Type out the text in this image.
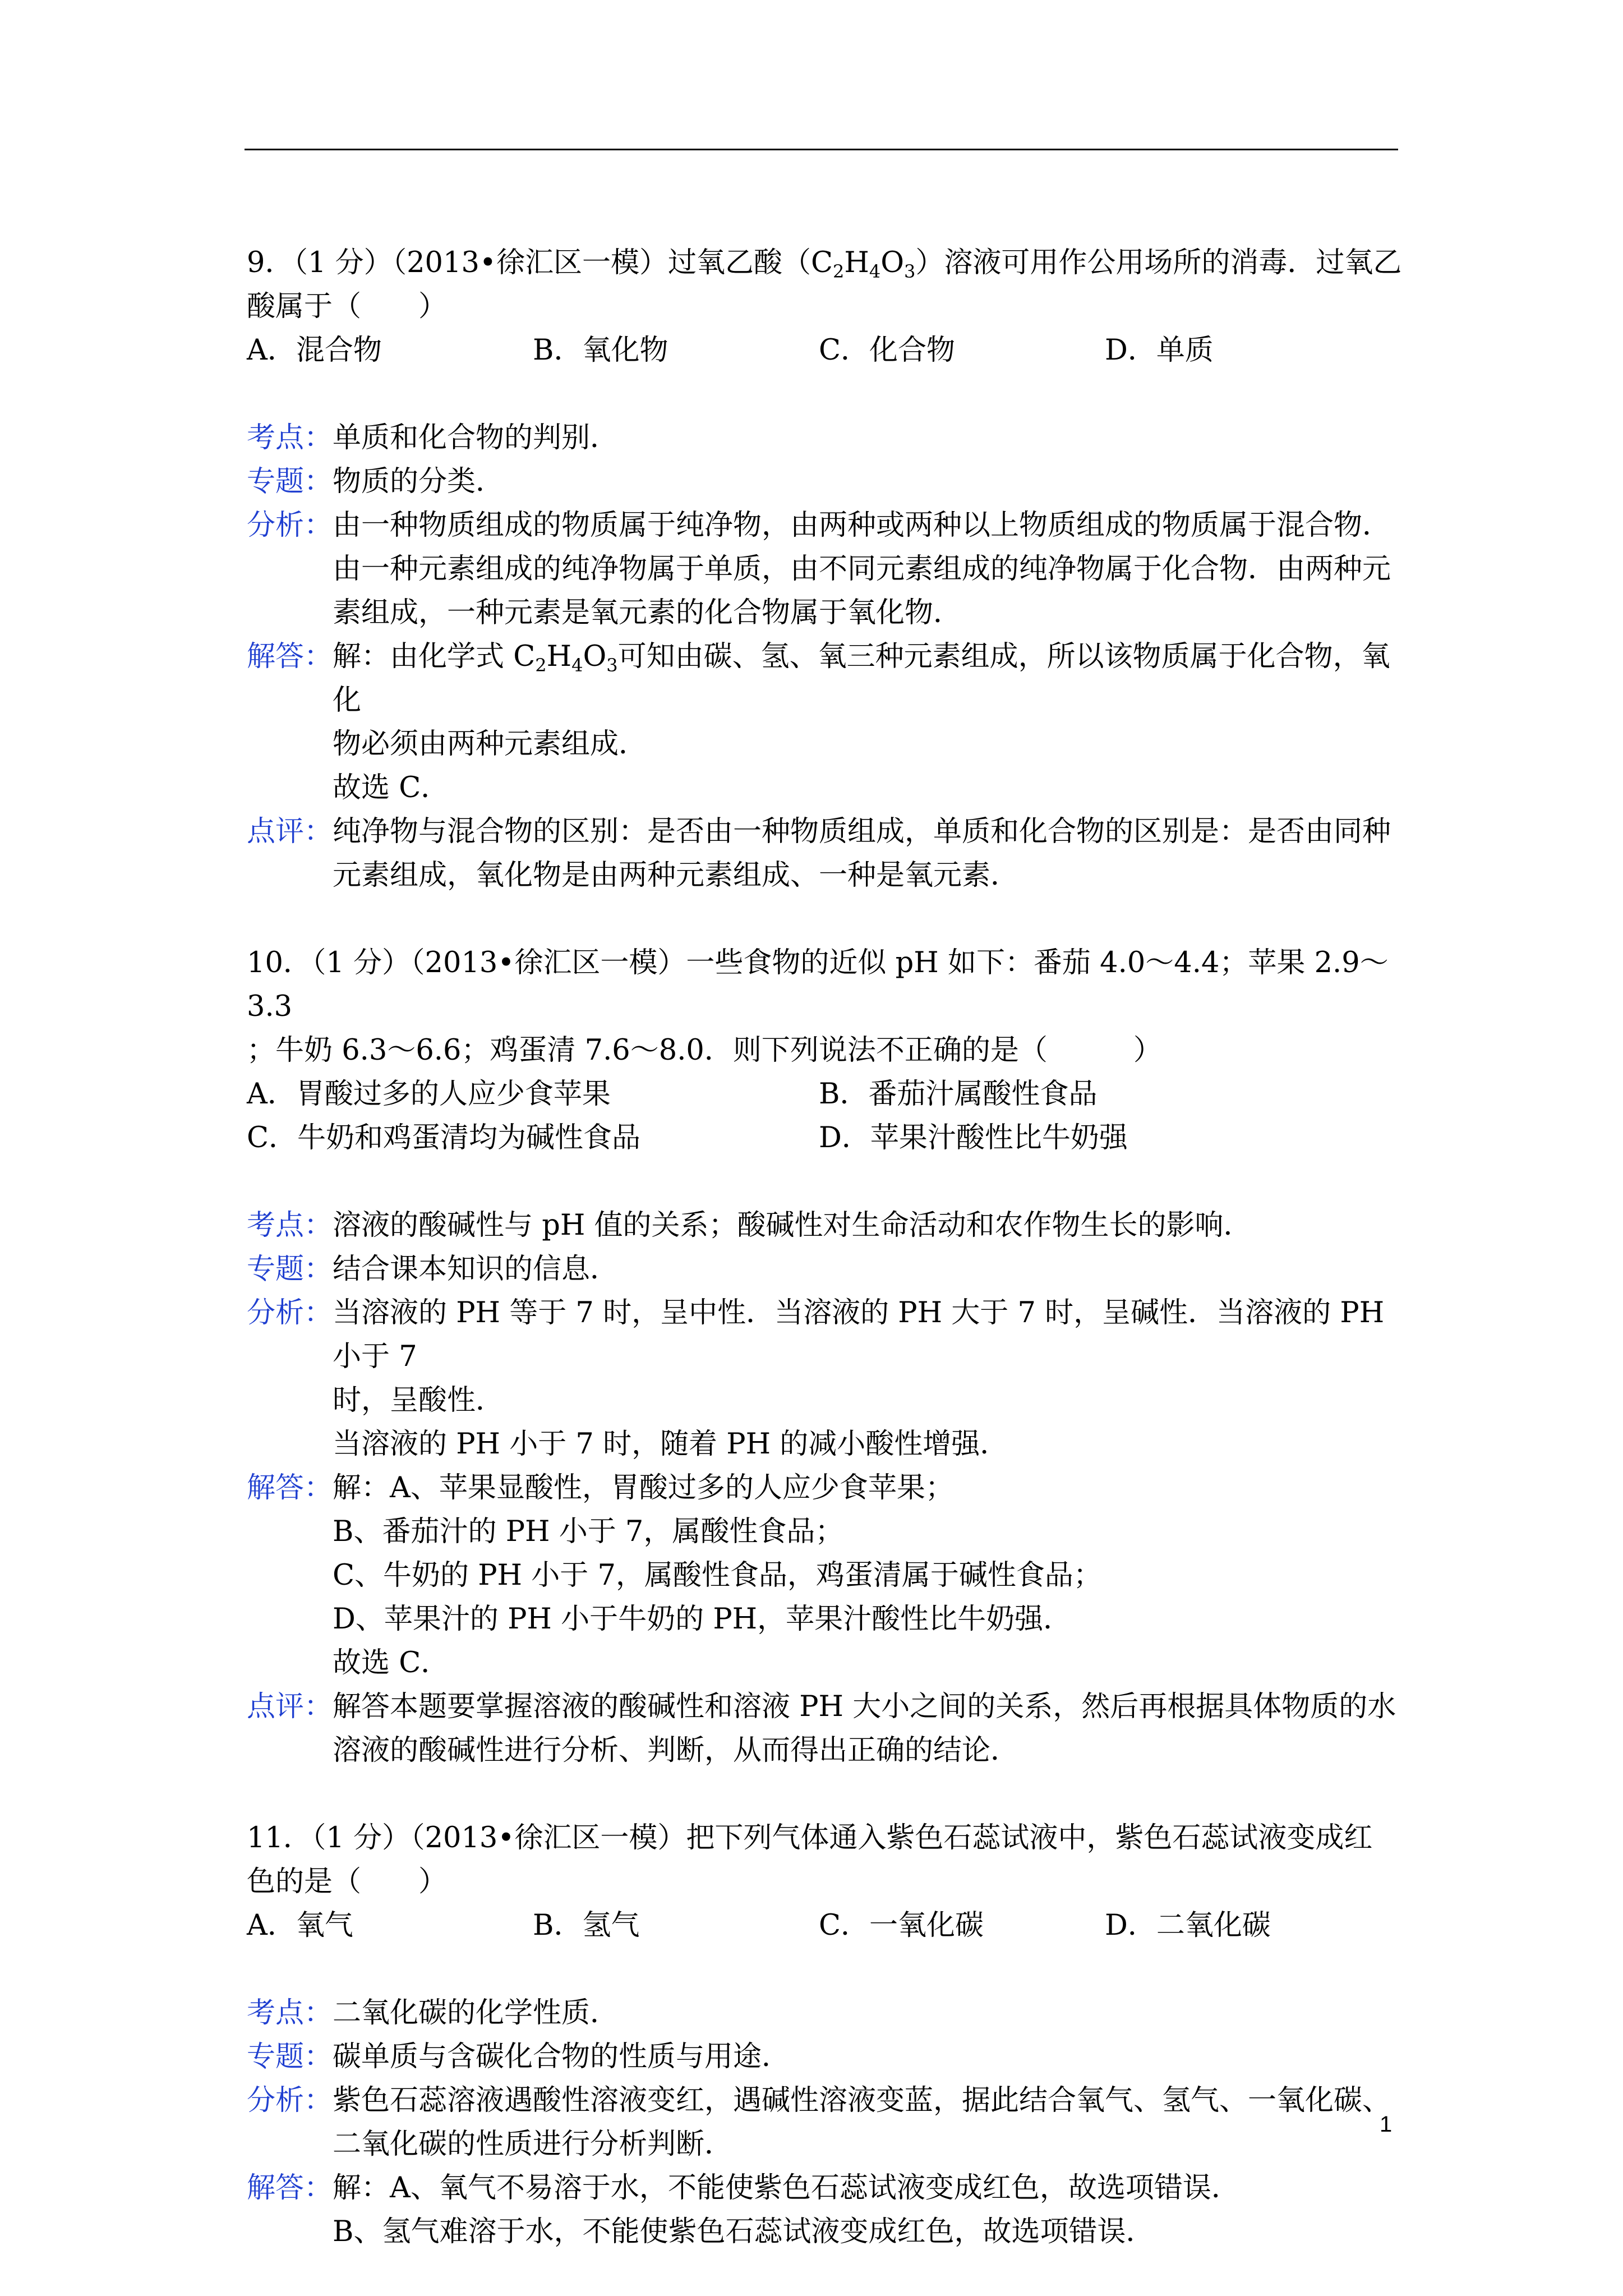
9．（1 分）（2013•徐汇区一模）过氧乙酸$(C_2H_4O_3)$溶液可用作公用场所的消毒．过氧乙
酸属于（　　）
A．混合物	B．氧化物	C．化合物	D．单质
考点： 单质和化合物的判别．
专题： 物质的分类．
分析： 由一种物质组成的物质属于纯净物，由两种或两种以上物质组成的物质属于混合物．
由一种元素组成的纯净物属于单质，由不同元素组成的纯净物属于化合物．由两种元
素组成，一种元素是氧元素的化合物属于氧化物．
解答： 解：由化学式 $C_2H_4O_3$可知由碳、氢、氧三种元素组成，所以该物质属于化合物，氧化
物必须由两种元素组成．
故选 C．
点评： 纯净物与混合物的区别：是否由一种物质组成，单质和化合物的区别是：是否由同种
元素组成，氧化物是由两种元素组成、一种是氧元素．
10．（1 分）（2013•徐汇区一模）一些食物的近似 pH 如下：番茄 4.0～4.4；苹果 2.9～3.3
；牛奶 6.3～6.6；鸡蛋清 7.6～8.0．则下列说法不正确的是（　　　）
A．胃酸过多的人应少食苹果	B．番茄汁属酸性食品
C．牛奶和鸡蛋清均为碱性食品	D．苹果汁酸性比牛奶强
考点： 溶液的酸碱性与 pH 值的关系；酸碱性对生命活动和农作物生长的影响．
专题： 结合课本知识的信息．
分析： 当溶液的 PH 等于 7 时，呈中性．当溶液的 PH 大于 7 时，呈碱性．当溶液的 PH 小于 7
时，呈酸性．
当溶液的 PH 小于 7 时，随着 PH 的减小酸性增强．
解答： 解：A、苹果显酸性，胃酸过多的人应少食苹果；
B、番茄汁的 PH 小于 7，属酸性食品；
C、牛奶的 PH 小于 7，属酸性食品，鸡蛋清属于碱性食品；
D、苹果汁的 PH 小于牛奶的 PH，苹果汁酸性比牛奶强．
故选 C．
点评： 解答本题要掌握溶液的酸碱性和溶液 PH 大小之间的关系，然后再根据具体物质的水
溶液的酸碱性进行分析、判断，从而得出正确的结论．
11．（1 分）（2013•徐汇区一模）把下列气体通入紫色石蕊试液中，紫色石蕊试液变成红
色的是（　　）
A．氧气	B．氢气	C．一氧化碳	D．二氧化碳
考点： 二氧化碳的化学性质．
专题： 碳单质与含碳化合物的性质与用途．
分析： 紫色石蕊溶液遇酸性溶液变红，遇碱性溶液变蓝，据此结合氧气、氢气、一氧化碳、
二氧化碳的性质进行分析判断．
解答： 解：A、氧气不易溶于水，不能使紫色石蕊试液变成红色，故选项错误．
B、氢气难溶于水，不能使紫色石蕊试液变成红色，故选项错误．
1
